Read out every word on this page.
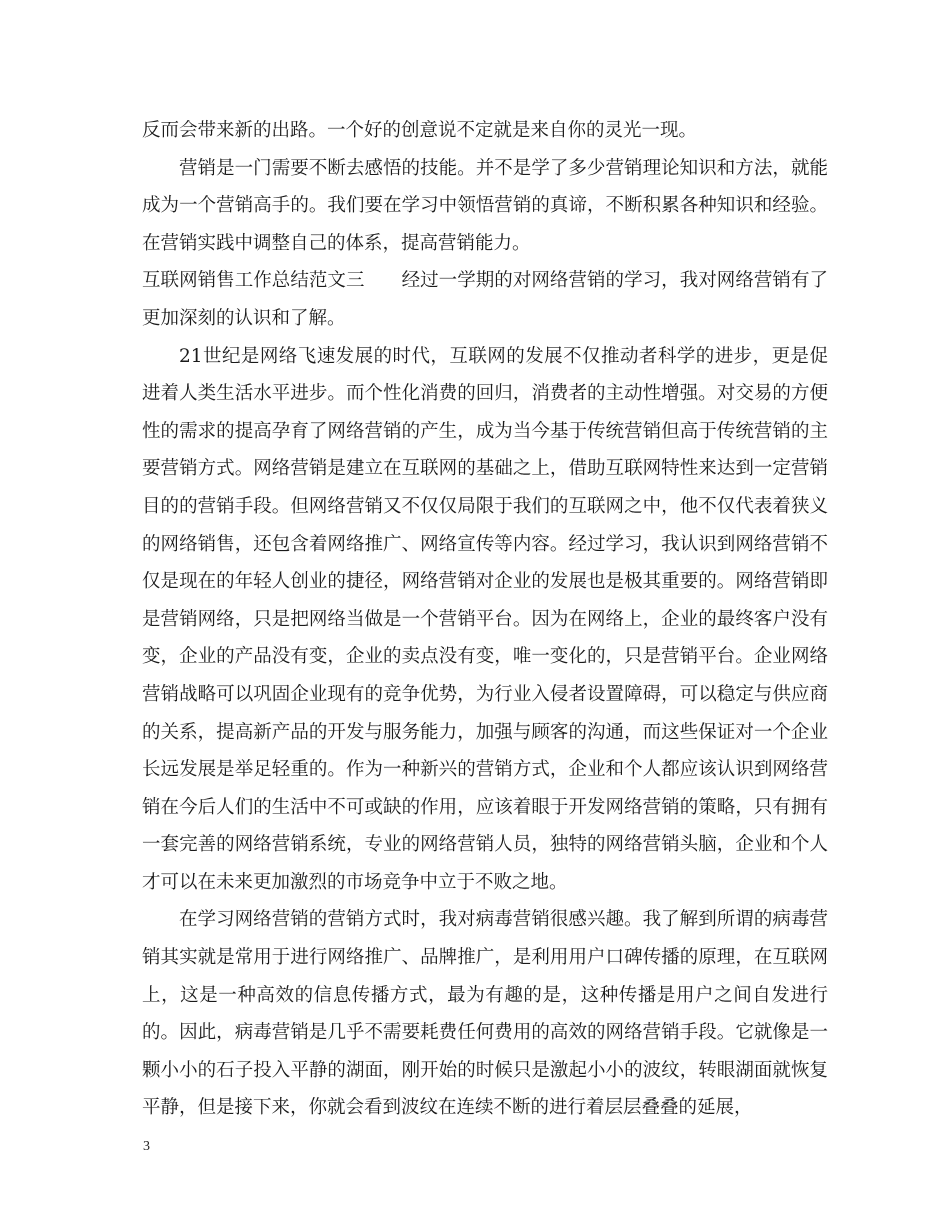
反而会带来新的出路。一个好的创意说不定就是来自你的灵光一现。

营销是一门需要不断去感悟的技能。并不是学了多少营销理论知识和方法，就能成为一个营销高手的。我们要在学习中领悟营销的真谛，不断积累各种知识和经验。在营销实践中调整自己的体系，提高营销能力。

互联网销售工作总结范文三　　经过一学期的对网络营销的学习，我对网络营销有了更加深刻的认识和了解。

21世纪是网络飞速发展的时代，互联网的发展不仅推动者科学的进步，更是促进着人类生活水平进步。而个性化消费的回归，消费者的主动性增强。对交易的方便性的需求的提高孕育了网络营销的产生，成为当今基于传统营销但高于传统营销的主要营销方式。网络营销是建立在互联网的基础之上，借助互联网特性来达到一定营销目的的营销手段。但网络营销又不仅仅局限于我们的互联网之中，他不仅代表着狭义的网络销售，还包含着网络推广、网络宣传等内容。经过学习，我认识到网络营销不仅是现在的年轻人创业的捷径，网络营销对企业的发展也是极其重要的。网络营销即是营销网络，只是把网络当做是一个营销平台。因为在网络上，企业的最终客户没有变，企业的产品没有变，企业的卖点没有变，唯一变化的，只是营销平台。企业网络营销战略可以巩固企业现有的竞争优势，为行业入侵者设置障碍，可以稳定与供应商的关系，提高新产品的开发与服务能力，加强与顾客的沟通，而这些保证对一个企业长远发展是举足轻重的。作为一种新兴的营销方式，企业和个人都应该认识到网络营销在今后人们的生活中不可或缺的作用，应该着眼于开发网络营销的策略，只有拥有一套完善的网络营销系统，专业的网络营销人员，独特的网络营销头脑，企业和个人才可以在未来更加激烈的市场竞争中立于不败之地。

在学习网络营销的营销方式时，我对病毒营销很感兴趣。我了解到所谓的病毒营销其实就是常用于进行网络推广、品牌推广，是利用用户口碑传播的原理，在互联网上，这是一种高效的信息传播方式，最为有趣的是，这种传播是用户之间自发进行的。因此，病毒营销是几乎不需要耗费任何费用的高效的网络营销手段。它就像是一颗小小的石子投入平静的湖面，刚开始的时候只是激起小小的波纹，转眼湖面就恢复平静，但是接下来，你就会看到波纹在连续不断的进行着层层叠叠的延展，

3
